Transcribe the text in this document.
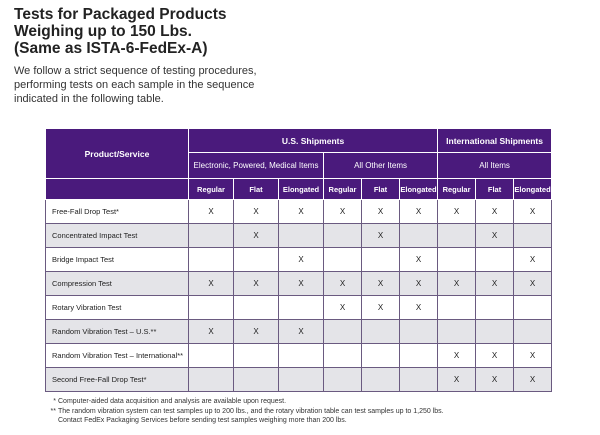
Tests for Packaged Products
Weighing up to 150 Lbs.
(Same as ISTA-6-FedEx-A)

We follow a strict sequence of testing procedures,
performing tests on each sample in the sequence
indicated in the following table.

Product/Service	U.S. Shipments						International Shipments		
	Electronic, Powered, Medical Items			All Other Items			All Items		
	Regular	Flat	Elongated	Regular	Flat	Elongated	Regular	Flat	Elongated
Free-Fall Drop Test*	X	X	X	X	X	X	X	X	X
Concentrated Impact Test		X			X			X	
Bridge Impact Test			X			X			X
Compression Test	X	X	X	X	X	X	X	X	X
Rotary Vibration Test				X	X	X			
Random Vibration Test – U.S.**	X	X	X						
Random Vibration Test – International**							X	X	X
Second Free-Fall Drop Test*							X	X	X
* Computer-aided data acquisition and analysis are available upon request.
** The random vibration system can test samples up to 200 lbs., and the rotary vibration table can test samples up to 1,250 lbs.
Contact FedEx Packaging Services before sending test samples weighing more than 200 lbs.
